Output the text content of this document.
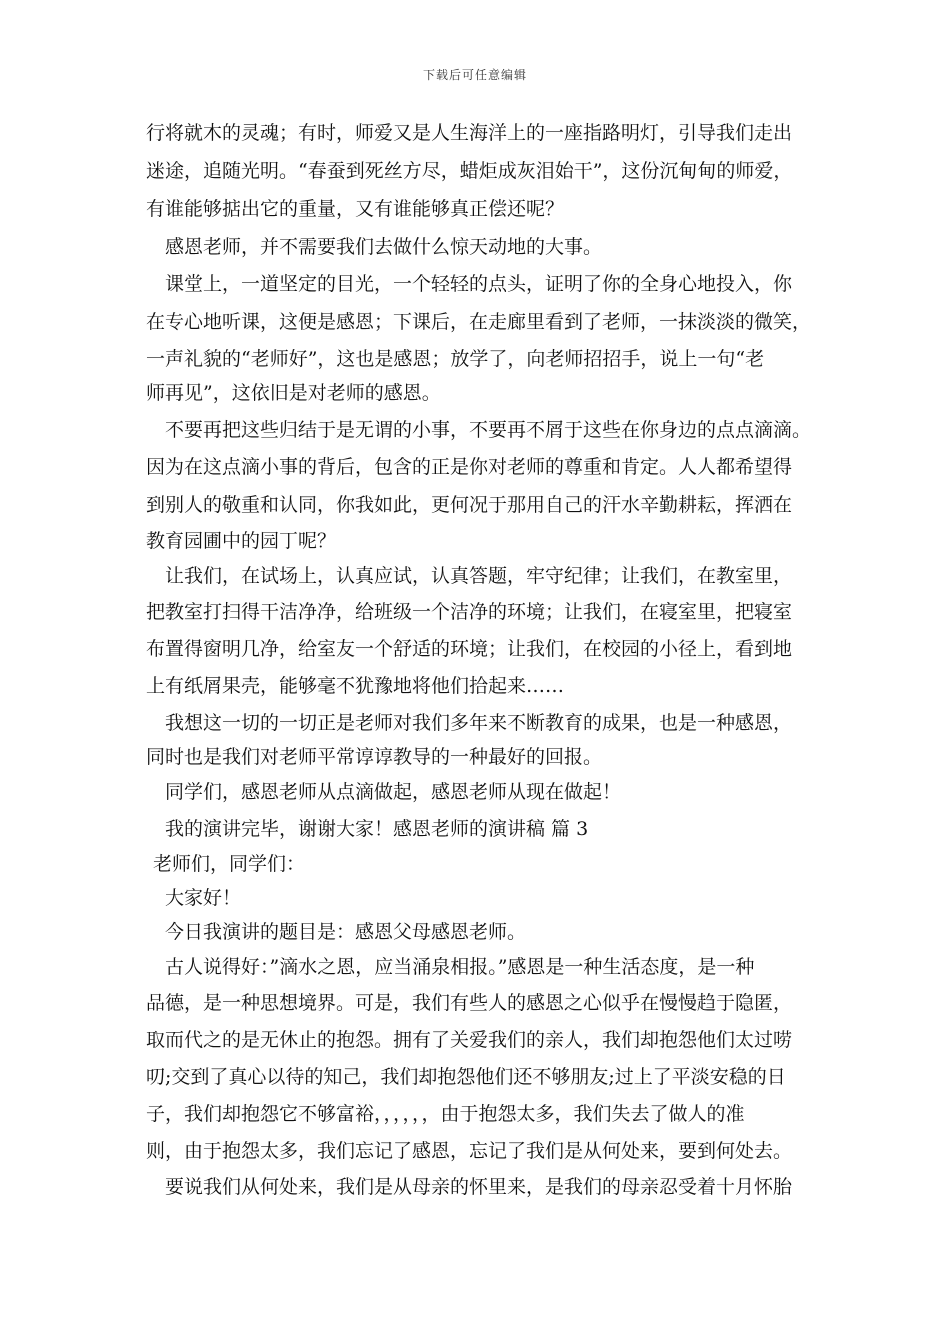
下载后可任意编辑
行将就木的灵魂；有时，师爱又是人生海洋上的一座指路明灯，引导我们走出
迷途，追随光明。“春蚕到死丝方尽，蜡炬成灰泪始干”，这份沉甸甸的师爱，
有谁能够掂出它的重量，又有谁能够真正偿还呢？
感恩老师，并不需要我们去做什么惊天动地的大事。
课堂上，一道坚定的目光，一个轻轻的点头，证明了你的全身心地投入，你
在专心地听课，这便是感恩；下课后，在走廊里看到了老师，一抹淡淡的微笑，
一声礼貌的“老师好”，这也是感恩；放学了，向老师招招手，说上一句“老
师再见”，这依旧是对老师的感恩。
不要再把这些归结于是无谓的小事，不要再不屑于这些在你身边的点点滴滴。
因为在这点滴小事的背后，包含的正是你对老师的尊重和肯定。人人都希望得
到别人的敬重和认同，你我如此，更何况于那用自己的汗水辛勤耕耘，挥洒在
教育园圃中的园丁呢？
让我们，在试场上，认真应试，认真答题，牢守纪律；让我们，在教室里，
把教室打扫得干洁净净，给班级一个洁净的环境；让我们，在寝室里，把寝室
布置得窗明几净，给室友一个舒适的环境；让我们，在校园的小径上，看到地
上有纸屑果壳，能够毫不犹豫地将他们拾起来……
我想这一切的一切正是老师对我们多年来不断教育的成果，也是一种感恩，
同时也是我们对老师平常谆谆教导的一种最好的回报。
同学们，感恩老师从点滴做起，感恩老师从现在做起！
我的演讲完毕，谢谢大家！感恩老师的演讲稿 篇 3
老师们，同学们：
大家好！
今日我演讲的题目是：感恩父母感恩老师。
古人说得好：”滴水之恩，应当涌泉相报。”感恩是一种生活态度，是一种
品德，是一种思想境界。可是，我们有些人的感恩之心似乎在慢慢趋于隐匿，
取而代之的是无休止的抱怨。拥有了关爱我们的亲人，我们却抱怨他们太过唠
叨;交到了真心以待的知己，我们却抱怨他们还不够朋友;过上了平淡安稳的日
子，我们却抱怨它不够富裕，，，，，，由于抱怨太多，我们失去了做人的准
则，由于抱怨太多，我们忘记了感恩，忘记了我们是从何处来，要到何处去。
要说我们从何处来，我们是从母亲的怀里来，是我们的母亲忍受着十月怀胎
